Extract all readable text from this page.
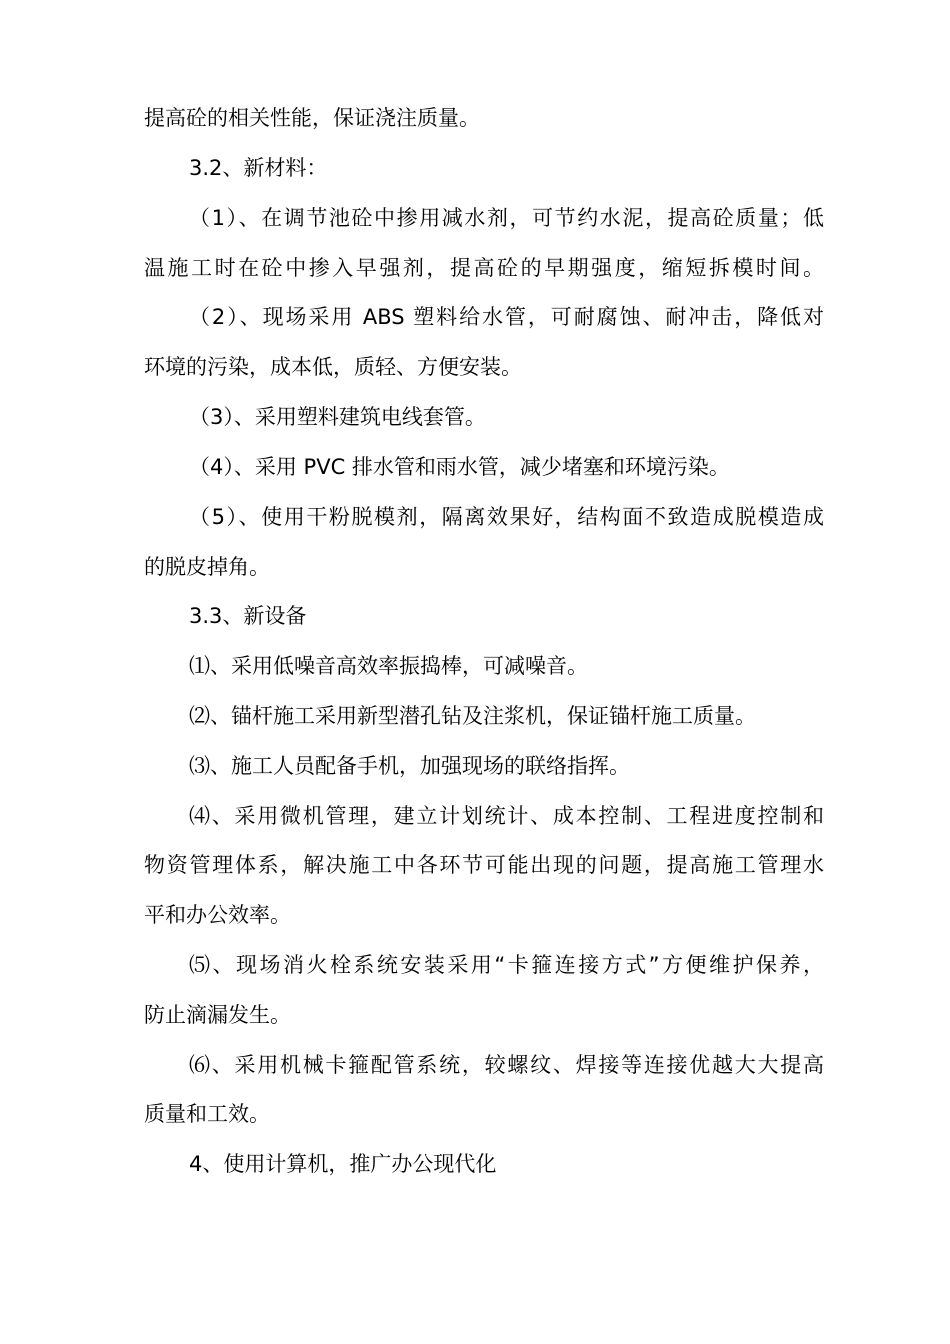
提高砼的相关性能，保证浇注质量。
3.2、新材料：
（1）、在调节池砼中掺用减水剂，可节约水泥，提高砼质量；低
温施工时在砼中掺入早强剂，提高砼的早期强度，缩短拆模时间。
（2）、现场采用 ABS 塑料给水管，可耐腐蚀、耐冲击，降低对
环境的污染，成本低，质轻、方便安装。
（3）、采用塑料建筑电线套管。
（4）、采用 PVC 排水管和雨水管，减少堵塞和环境污染。
（5）、使用干粉脱模剂，隔离效果好，结构面不致造成脱模造成
的脱皮掉角。
3.3、新设备
⑴、采用低噪音高效率振捣棒，可减噪音。
⑵、锚杆施工采用新型潜孔钻及注浆机，保证锚杆施工质量。
⑶、施工人员配备手机，加强现场的联络指挥。
⑷、采用微机管理，建立计划统计、成本控制、工程进度控制和
物资管理体系，解决施工中各环节可能出现的问题，提高施工管理水
平和办公效率。
⑸、现场消火栓系统安装采用“卡箍连接方式”方便维护保养，
防止滴漏发生。
⑹、采用机械卡箍配管系统，较螺纹、焊接等连接优越大大提高
质量和工效。
4、使用计算机，推广办公现代化
